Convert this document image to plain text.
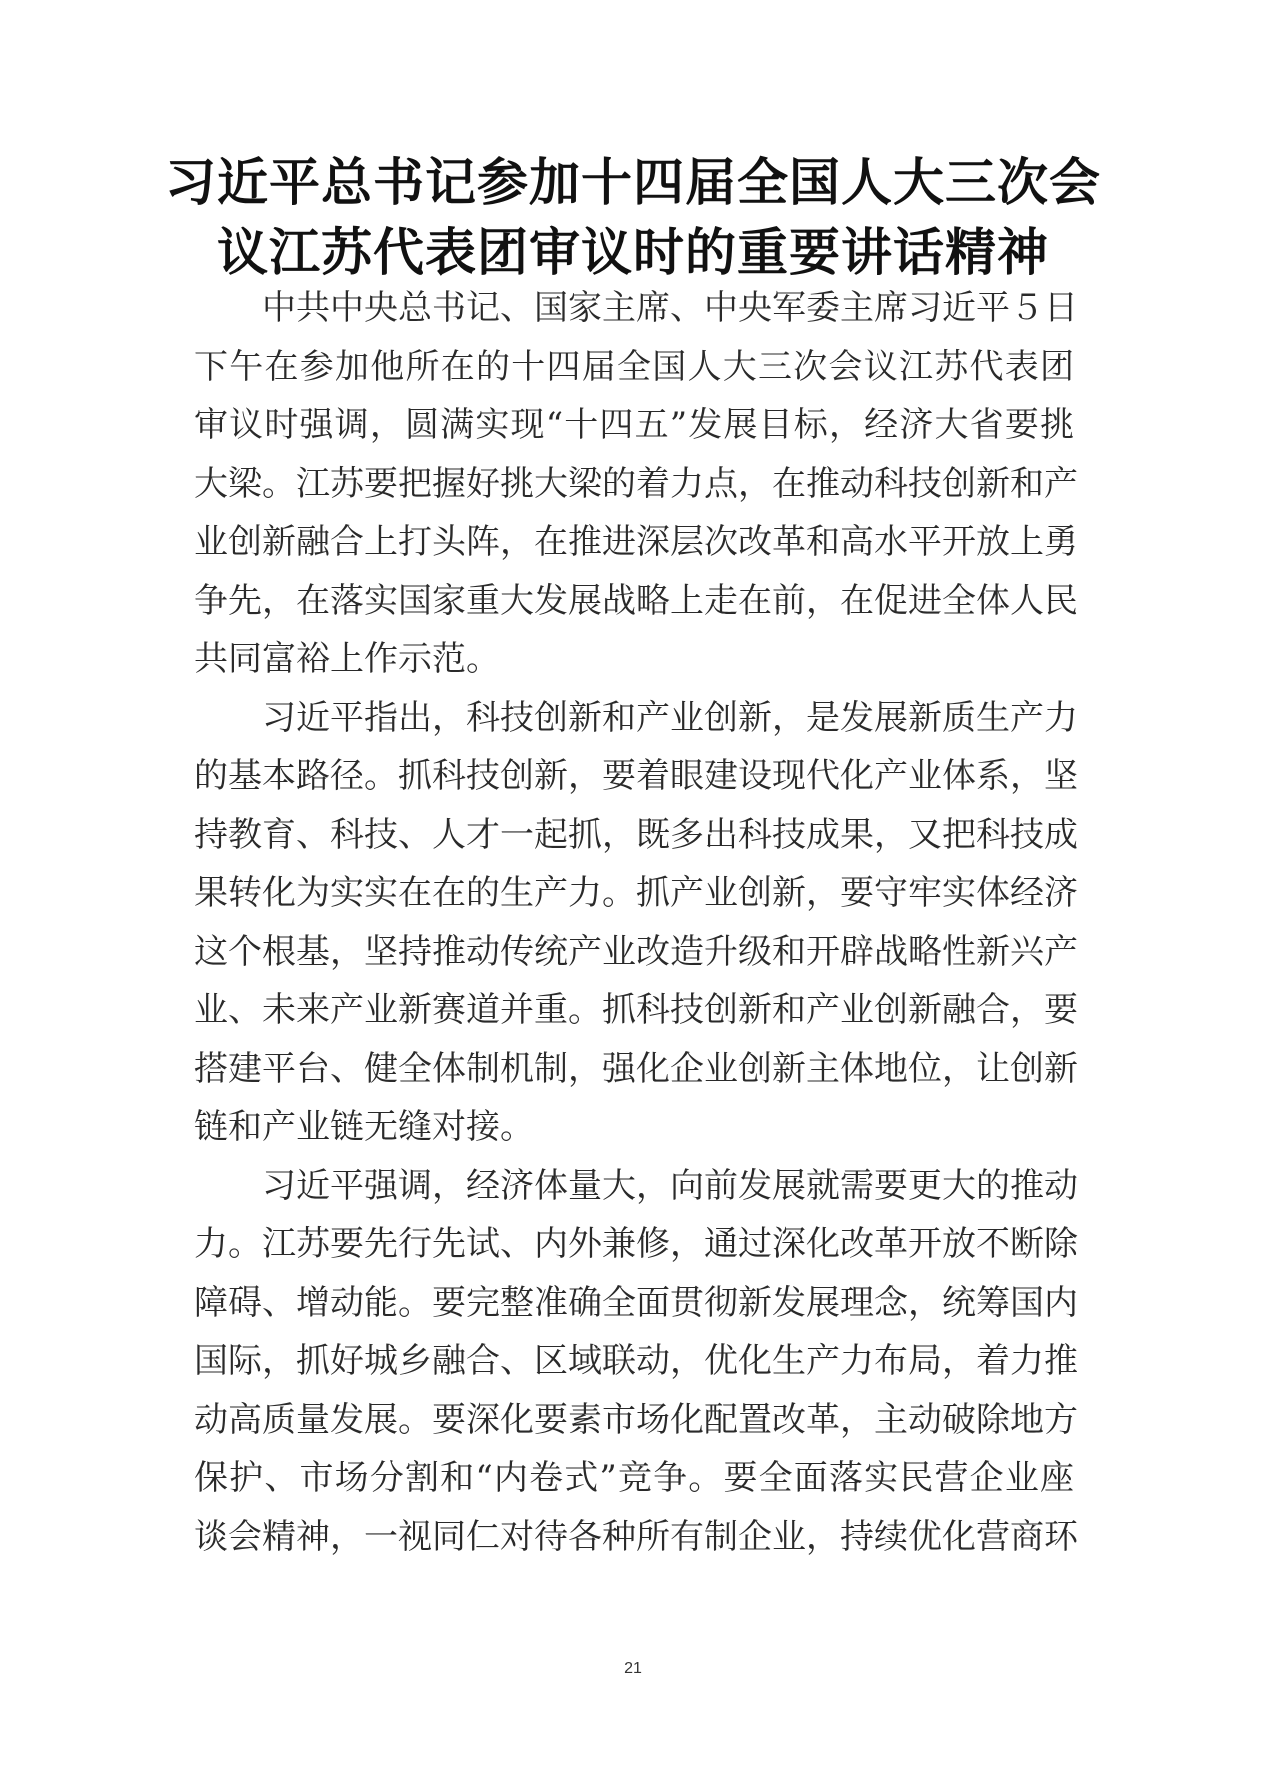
习近平总书记参加十四届全国人大三次会
议江苏代表团审议时的重要讲话精神

中共中央总书记、国家主席、中央军委主席习近平５日
下午在参加他所在的十四届全国人大三次会议江苏代表团
审议时强调，圆满实现“十四五”发展目标，经济大省要挑
大梁。江苏要把握好挑大梁的着力点，在推动科技创新和产
业创新融合上打头阵，在推进深层次改革和高水平开放上勇
争先，在落实国家重大发展战略上走在前，在促进全体人民
共同富裕上作示范。

习近平指出，科技创新和产业创新，是发展新质生产力
的基本路径。抓科技创新，要着眼建设现代化产业体系，坚
持教育、科技、人才一起抓，既多出科技成果，又把科技成
果转化为实实在在的生产力。抓产业创新，要守牢实体经济
这个根基，坚持推动传统产业改造升级和开辟战略性新兴产
业、未来产业新赛道并重。抓科技创新和产业创新融合，要
搭建平台、健全体制机制，强化企业创新主体地位，让创新
链和产业链无缝对接。

习近平强调，经济体量大，向前发展就需要更大的推动
力。江苏要先行先试、内外兼修，通过深化改革开放不断除
障碍、增动能。要完整准确全面贯彻新发展理念，统筹国内
国际，抓好城乡融合、区域联动，优化生产力布局，着力推
动高质量发展。要深化要素市场化配置改革，主动破除地方
保护、市场分割和“内卷式”竞争。要全面落实民营企业座
谈会精神，一视同仁对待各种所有制企业，持续优化营商环

21
